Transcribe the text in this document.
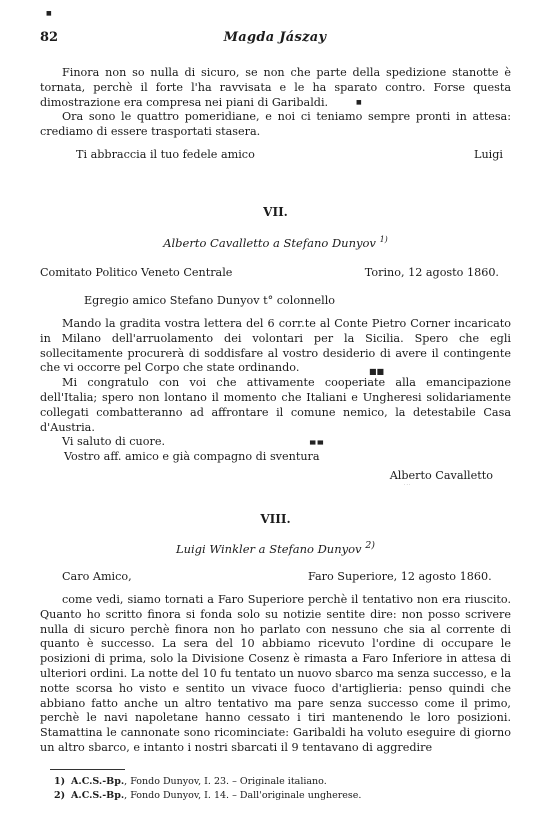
82	Magda Jászay

Finora non so nulla di sicuro, se non che parte della spedizione stanotte è tornata, perchè il forte l'ha ravvisata e le ha sparato contro. Forse questa dimostrazione era compresa nei piani di Garibaldi.

Ora sono le quattro pomeridiane, e noi ci teniamo sempre pronti in attesa: crediamo di essere trasportati stasera.

Ti abbraccia il tuo fedele amico	Luigi
VII.
Alberto Cavalletto a Stefano Dunyov $^{1)}$
Comitato Politico Veneto Centrale	Torino, 12 agosto 1860.

Egregio amico Stefano Dunyov t° colonnello

Mando la gradita vostra lettera del 6 corr.te al Conte Pietro Corner incaricato in Milano dell'arruolamento dei volontari per la Sicilia. Spero che egli sollecitamente procurerà di soddisfare al vostro desiderio di avere il contingente che vi occorre pel Corpo che state ordinando.

Mi congratulo con voi che attivamente cooperiate alla emancipazione dell'Italia; spero non lontano il momento che Italiani e Ungheresi solidariamente collegati combatteranno ad affrontare il comune nemico, la detestabile Casa d'Austria.

Vi saluto di cuore.

Vostro aff. amico e già compagno di sventura

Alberto Cavalletto
VIII.
Luigi Winkler a Stefano Dunyov $^{2)}$
Caro Amico,	Faro Superiore, 12 agosto 1860.

come vedi, siamo tornati a Faro Superiore perchè il tentativo non era riuscito. Quanto ho scritto finora si fonda solo su notizie sentite dire: non posso scrivere nulla di sicuro perchè finora non ho parlato con nessuno che sia al corrente di quanto è successo. La sera del 10 abbiamo ricevuto l'ordine di occupare le posizioni di prima, solo la Divisione Cosenz è rimasta a Faro Inferiore in attesa di ulteriori ordini. La notte del 10 fu tentato un nuovo sbarco ma senza successo, e la notte scorsa ho visto e sentito un vivace fuoco d'artiglieria: penso quindi che abbiano fatto anche un altro tentativo ma pare senza successo come il primo, perchè le navi napoletane hanno cessato i tiri mantenendo le loro posizioni. Stamattina le cannonate sono ricominciate: Garibaldi ha voluto eseguire di giorno un altro sbarco, e intanto i nostri sbarcati il 9 tentavano di aggredire

1) A.C.S.-Bp., Fondo Dunyov, I. 23. – Originale italiano.
2) A.C.S.-Bp., Fondo Dunyov, I. 14. – Dall'originale ungherese.
■
■
■■
▀ ▀
· · ·
